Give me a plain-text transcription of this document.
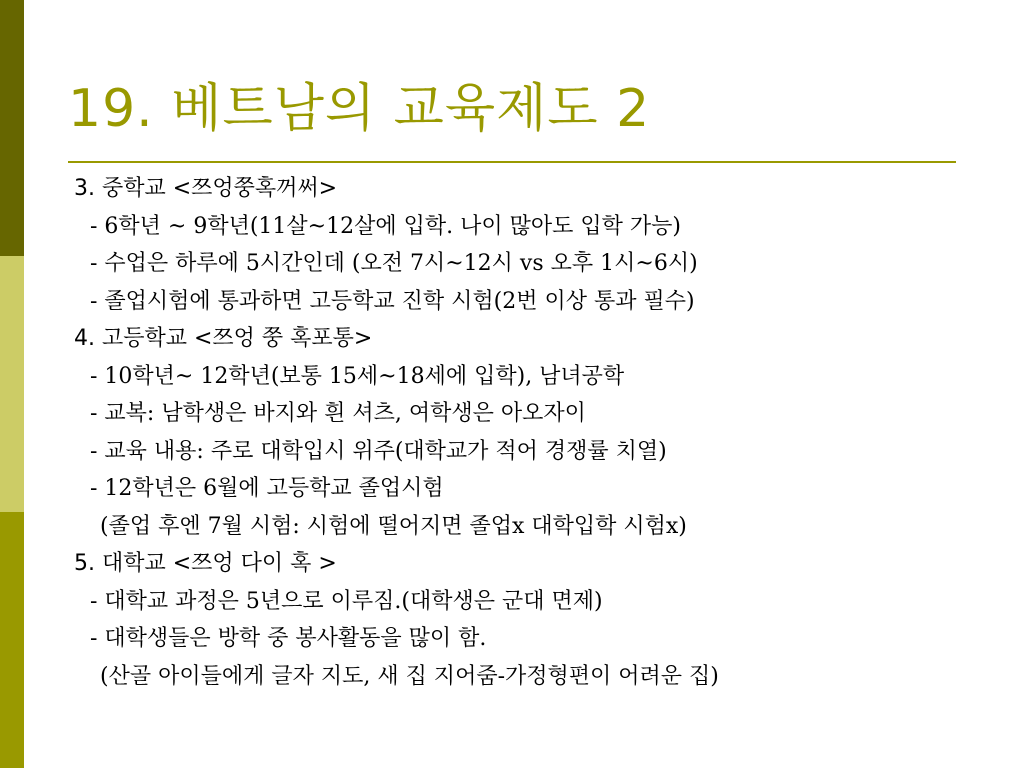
19. 베트남의 교육제도 2
3. 중학교 <쯔엉쭝혹꺼써>
- 6학년 ~ 9학년(11살~12살에 입학. 나이 많아도 입학 가능)
- 수업은 하루에 5시간인데 (오전 7시~12시 vs 오후 1시~6시)
- 졸업시험에 통과하면 고등학교 진학 시험(2번 이상 통과 필수)
4. 고등학교 <쯔엉 쭝 혹포통>
- 10학년~ 12학년(보통 15세~18세에 입학), 남녀공학
- 교복: 남학생은 바지와 흰 셔츠, 여학생은 아오자이
- 교육 내용: 주로 대학입시 위주(대학교가 적어 경쟁률 치열)
- 12학년은 6월에 고등학교 졸업시험
(졸업 후엔 7월 시험: 시험에 떨어지면 졸업x 대학입학 시험x)
5. 대학교 <쯔엉 다이 혹 >
- 대학교 과정은 5년으로 이루짐.(대학생은 군대 면제)
- 대학생들은 방학 중 봉사활동을 많이 함.
(산골 아이들에게 글자 지도, 새 집 지어줌-가정형편이 어려운 집)
